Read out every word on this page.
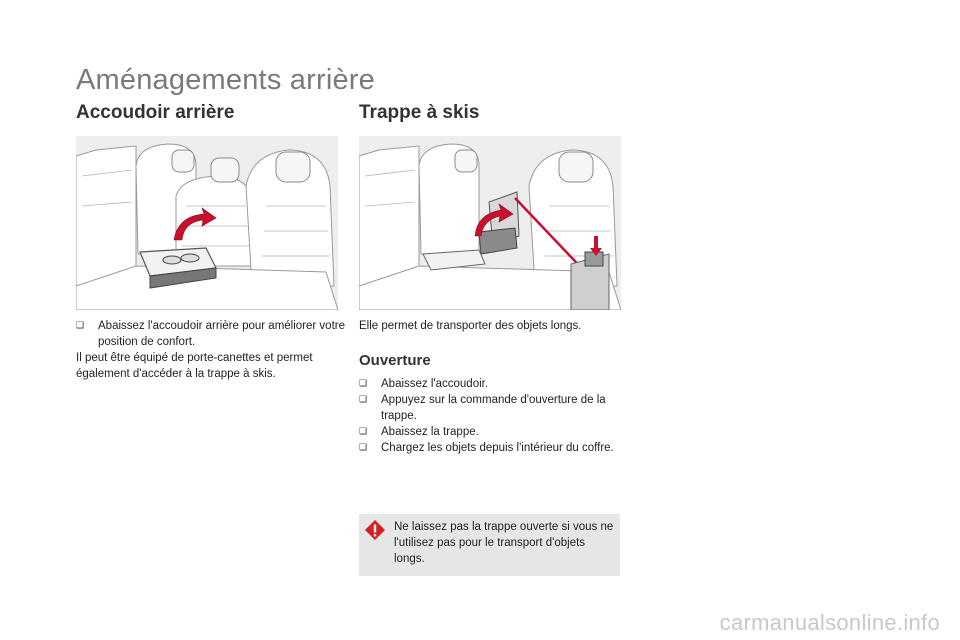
Aménagements arrière
Accoudoir arrière
❑	Abaissez l'accoudoir arrière pour améliorer votre position de confort.
Il peut être équipé de porte-canettes et permet également d'accéder à la trappe à skis.
Trappe à skis
Elle permet de transporter des objets longs.
Ouverture
❑	Abaissez l'accoudoir.
❑	Appuyez sur la commande d'ouverture de la trappe.
❑	Abaissez la trappe.
❑	Chargez les objets depuis l'intérieur du coffre.
Ne laissez pas la trappe ouverte si vous ne l'utilisez pas pour le transport d'objets longs.
carmanualsonline.info
